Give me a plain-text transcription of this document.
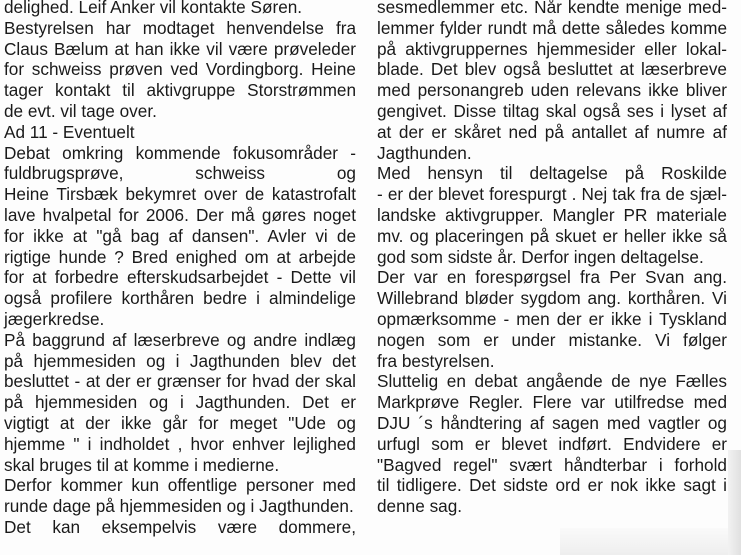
delighed. Leif Anker vil kontakte Søren.
Bestyrelsen har modtaget henvendelse fra
Claus Bælum at han ikke vil være prøveleder
for schweiss prøven ved Vordingborg. Heine
tager kontakt til aktivgruppe Storstrømmen
de evt. vil tage over.
Ad 11 - Eventuelt
Debat omkring kommende fokusområder -
fuldbrugsprøve, schweiss og
Heine Tirsbæk bekymret over de katastrofalt
lave hvalpetal for 2006. Der må gøres noget
for ikke at "gå bag af dansen". Avler vi de
rigtige hunde ? Bred enighed om at arbejde
for at forbedre efterskudsarbejdet - Dette vil
også profilere korthåren bedre i almindelige
jægerkredse.
På baggrund af læserbreve og andre indlæg
på hjemmesiden og i Jagthunden blev det
besluttet - at der er grænser for hvad der skal
på hjemmesiden og i Jagthunden. Det er
vigtigt at der ikke går for meget "Ude og
hjemme " i indholdet , hvor enhver lejlighed
skal bruges til at komme i medierne.
Derfor kommer kun offentlige personer med
runde dage på hjemmesiden og i Jagthunden.
Det kan eksempelvis være dommere,
sesmedlemmer etc. Når kendte menige med-
lemmer fylder rundt må dette således komme
på aktivgruppernes hjemmesider eller lokal-
blade. Det blev også besluttet at læserbreve
med personangreb uden relevans ikke bliver
gengivet. Disse tiltag skal også ses i lyset af
at der er skåret ned på antallet af numre af
Jagthunden.
Med hensyn til deltagelse på Roskilde
- er der blevet forespurgt . Nej tak fra de sjæl-
landske aktivgrupper. Mangler PR materiale
mv. og placeringen på skuet er heller ikke så
god som sidste år. Derfor ingen deltagelse.
Der var en forespørgsel fra Per Svan ang.
Willebrand bløder sygdom ang. korthåren. Vi
opmærksomme - men der er ikke i Tyskland
nogen som er under mistanke. Vi følger
fra bestyrelsen.
Sluttelig en debat angående de nye Fælles
Markprøve Regler. Flere var utilfredse med
DJU ´s håndtering af sagen med vagtler og
urfugl som er blevet indført. Endvidere er
"Bagved regel" svært håndterbar i forhold
til tidligere. Det sidste ord er nok ikke sagt i
denne sag.
